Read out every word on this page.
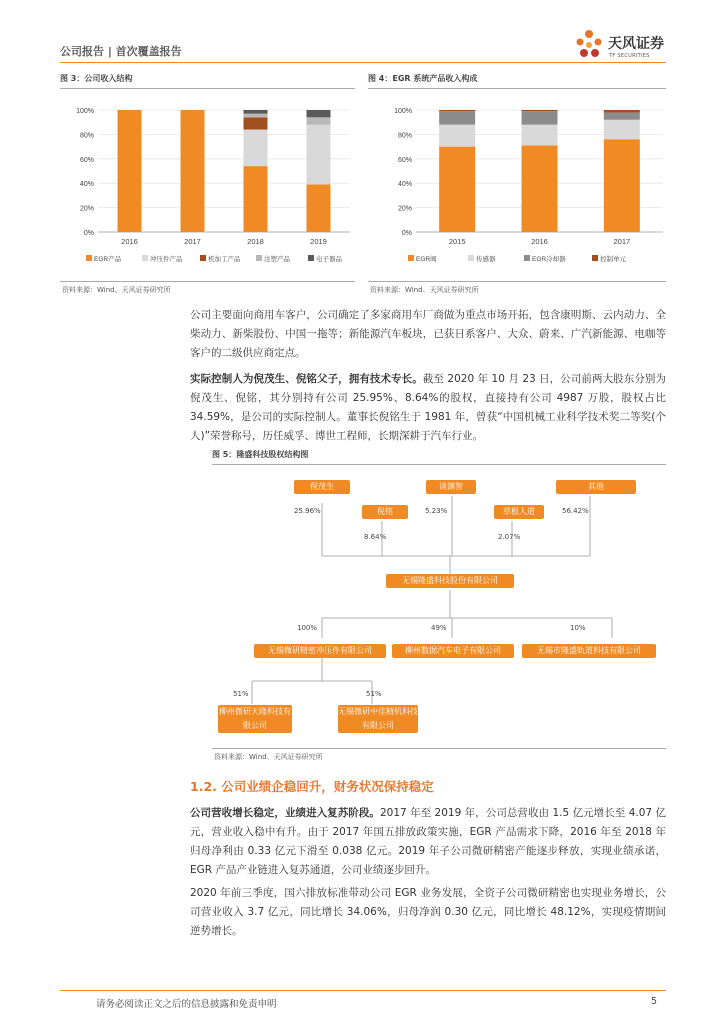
公司报告 | 首次覆盖报告	天风证券
TF SECURITIES
图 3：公司收入结构
0%
20%
40%
60%
80%
100%
2016	2017	2018	2019
EGR产品	冲压件产品	机加工产品	注塑产品	电子器品
资料来源：Wind、天风证券研究所
图 4：EGR 系统产品收入构成
0%
20%
40%
60%
80%
100%
2015	2016	2017
EGR阀	传感器	EGR冷却器	控制单元
资料来源：Wind、天风证券研究所
公司主要面向商用车客户，公司确定了多家商用车厂商做为重点市场开拓，包含康明斯、云内动力、全柴动力、新柴股份、中国一拖等；新能源汽车板块，已获日系客户、大众、蔚来、广汽新能源、电咖等客户的二级供应商定点。
实际控制人为倪茂生、倪铭父子，拥有技术专长。截至 2020 年 10 月 23 日，公司前两大股东分别为倪茂生、倪铭，其分别持有公司 25.95%、8.64%的股权，直接持有公司 4987 万股，股权占比 34.59%，是公司的实际控制人。董事长倪铭生于 1981 年，曾获“中国机械工业科学技术奖二等奖(个人)”荣誉称号，历任威孚、博世工程师，长期深耕于汽车行业。
图 5：隆盛科技股权结构图
倪茂生	谈渊智	其他
倪铭	草根人道
25.96%	5.23%	56.42%
8.64%	2.07%
无锡隆盛科技股份有限公司
100%	49%	10%
无锡微研精密冲压件有限公司	柳州数据汽车电子有限公司	无锡市隆盛轨道科技有限公司
51%	51%
柳州微研天隆科技有限公司
无锡微研中佳精机科技有限公司
资料来源：Wind、天风证券研究所
1.2. 公司业绩企稳回升，财务状况保持稳定
公司营收增长稳定，业绩进入复苏阶段。2017 年至 2019 年，公司总营收由 1.5 亿元增长至 4.07 亿元，营业收入稳中有升。由于 2017 年国五排放政策实施，EGR 产品需求下降，2016 年至 2018 年归母净利由 0.33 亿元下滑至 0.038 亿元。2019 年子公司微研精密产能逐步释放，实现业绩承诺，EGR 产品产业链进入复苏通道，公司业绩逐步回升。
2020 年前三季度，国六排放标准带动公司 EGR 业务发展，全资子公司微研精密也实现业务增长，公司营业收入 3.7 亿元，同比增长 34.06%，归母净润 0.30 亿元，同比增长 48.12%，实现疫情期间逆势增长。
请务必阅读正文之后的信息披露和免责申明	5
